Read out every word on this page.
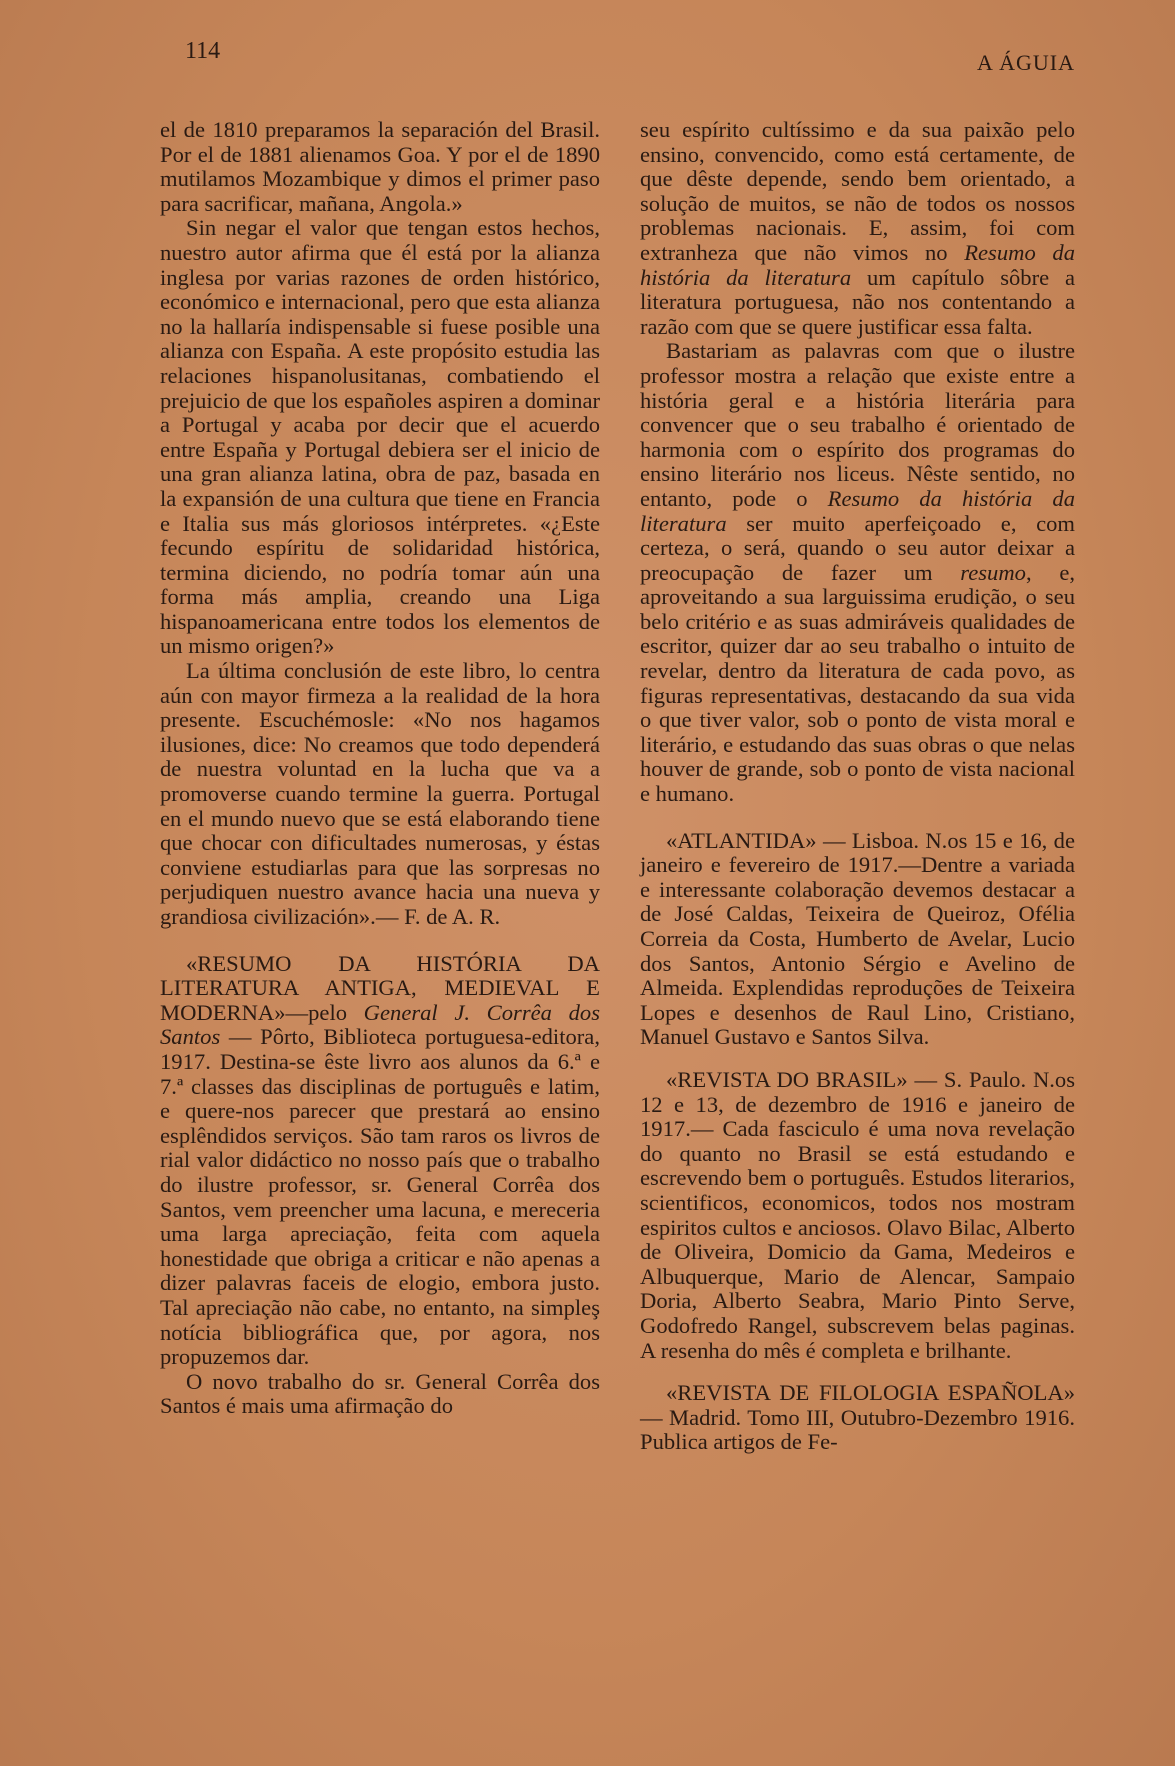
114	A ÁGUIA

el de 1810 preparamos la separación del Brasil. Por el de 1881 alienamos Goa. Y por el de 1890 mutilamos Mozambique y dimos el primer paso para sacrificar, mañana, Angola.»

Sin negar el valor que tengan estos hechos, nuestro autor afirma que él está por la alianza inglesa por varias razones de orden histórico, económico e internacional, pero que esta alianza no la hallaría indispensable si fuese posible una alianza con España. A este propósito estudia las relaciones hispanolusitanas, combatiendo el prejuicio de que los españoles aspiren a dominar a Portugal y acaba por decir que el acuerdo entre España y Portugal debiera ser el inicio de una gran alianza latina, obra de paz, basada en la expansión de una cultura que tiene en Francia e Italia sus más gloriosos intérpretes. «¿Este fecundo espíritu de solidaridad histórica, termina diciendo, no podría tomar aún una forma más amplia, creando una Liga hispanoamericana entre todos los elementos de un mismo origen?»

La última conclusión de este libro, lo centra aún con mayor firmeza a la realidad de la hora presente. Escuchémosle: «No nos hagamos ilusiones, dice: No creamos que todo dependerá de nuestra voluntad en la lucha que va a promoverse cuando termine la guerra. Portugal en el mundo nuevo que se está elaborando tiene que chocar con dificultades numerosas, y éstas conviene estudiarlas para que las sorpresas no perjudiquen nuestro avance hacia una nueva y grandiosa civilización».— F. de A. R.

«RESUMO DA HISTÓRIA DA LITERATURA ANTIGA, MEDIEVAL E MODERNA»—pelo General J. Corrêa dos Santos — Pôrto, Biblioteca portuguesa-editora, 1917. Destina-se êste livro aos alunos da 6.ª e 7.ª classes das disciplinas de português e latim, e quere-nos parecer que prestará ao ensino esplêndidos serviços. São tam raros os livros de rial valor didáctico no nosso país que o trabalho do ilustre professor, sr. General Corrêa dos Santos, vem preencher uma lacuna, e mereceria uma larga apreciação, feita com aquela honestidade que obriga a criticar e não apenas a dizer palavras faceis de elogio, embora justo. Tal apreciação não cabe, no entanto, na simpleş notícia bibliográfica que, por agora, nos propuzemos dar.

O novo trabalho do sr. General Corrêa dos Santos é mais uma afirmação do

seu espírito cultíssimo e da sua paixão pelo ensino, convencido, como está certamente, de que dêste depende, sendo bem orientado, a solução de muitos, se não de todos os nossos problemas nacionais. E, assim, foi com extranheza que não vimos no Resumo da história da literatura um capítulo sôbre a literatura portuguesa, não nos contentando a razão com que se quere justificar essa falta.

Bastariam as palavras com que o ilustre professor mostra a relação que existe entre a história geral e a história literária para convencer que o seu trabalho é orientado de harmonia com o espírito dos programas do ensino literário nos liceus. Nêste sentido, no entanto, pode o Resumo da história da literatura ser muito aperfeiçoado e, com certeza, o será, quando o seu autor deixar a preocupação de fazer um resumo, e, aproveitando a sua larguissima erudição, o seu belo critério e as suas admiráveis qualidades de escritor, quizer dar ao seu trabalho o intuito de revelar, dentro da literatura de cada povo, as figuras representativas, destacando da sua vida o que tiver valor, sob o ponto de vista moral e literário, e estudando das suas obras o que nelas houver de grande, sob o ponto de vista nacional e humano.

«ATLANTIDA» — Lisboa. N.os 15 e 16, de janeiro e fevereiro de 1917.—Dentre a variada e interessante colaboração devemos destacar a de José Caldas, Teixeira de Queiroz, Ofélia Correia da Costa, Humberto de Avelar, Lucio dos Santos, Antonio Sérgio e Avelino de Almeida. Explendidas reproduções de Teixeira Lopes e desenhos de Raul Lino, Cristiano, Manuel Gustavo e Santos Silva.

«REVISTA DO BRASIL» — S. Paulo. N.os 12 e 13, de dezembro de 1916 e janeiro de 1917.— Cada fasciculo é uma nova revelação do quanto no Brasil se está estudando e escrevendo bem o português. Estudos literarios, scientificos, economicos, todos nos mostram espiritos cultos e anciosos. Olavo Bilac, Alberto de Oliveira, Domicio da Gama, Medeiros e Albuquerque, Mario de Alencar, Sampaio Doria, Alberto Seabra, Mario Pinto Serve, Godofredo Rangel, subscrevem belas paginas. A resenha do mês é completa e brilhante.

«REVISTA DE FILOLOGIA ESPAÑOLA» — Madrid. Tomo III, Outubro-Dezembro 1916. Publica artigos de Fe-
